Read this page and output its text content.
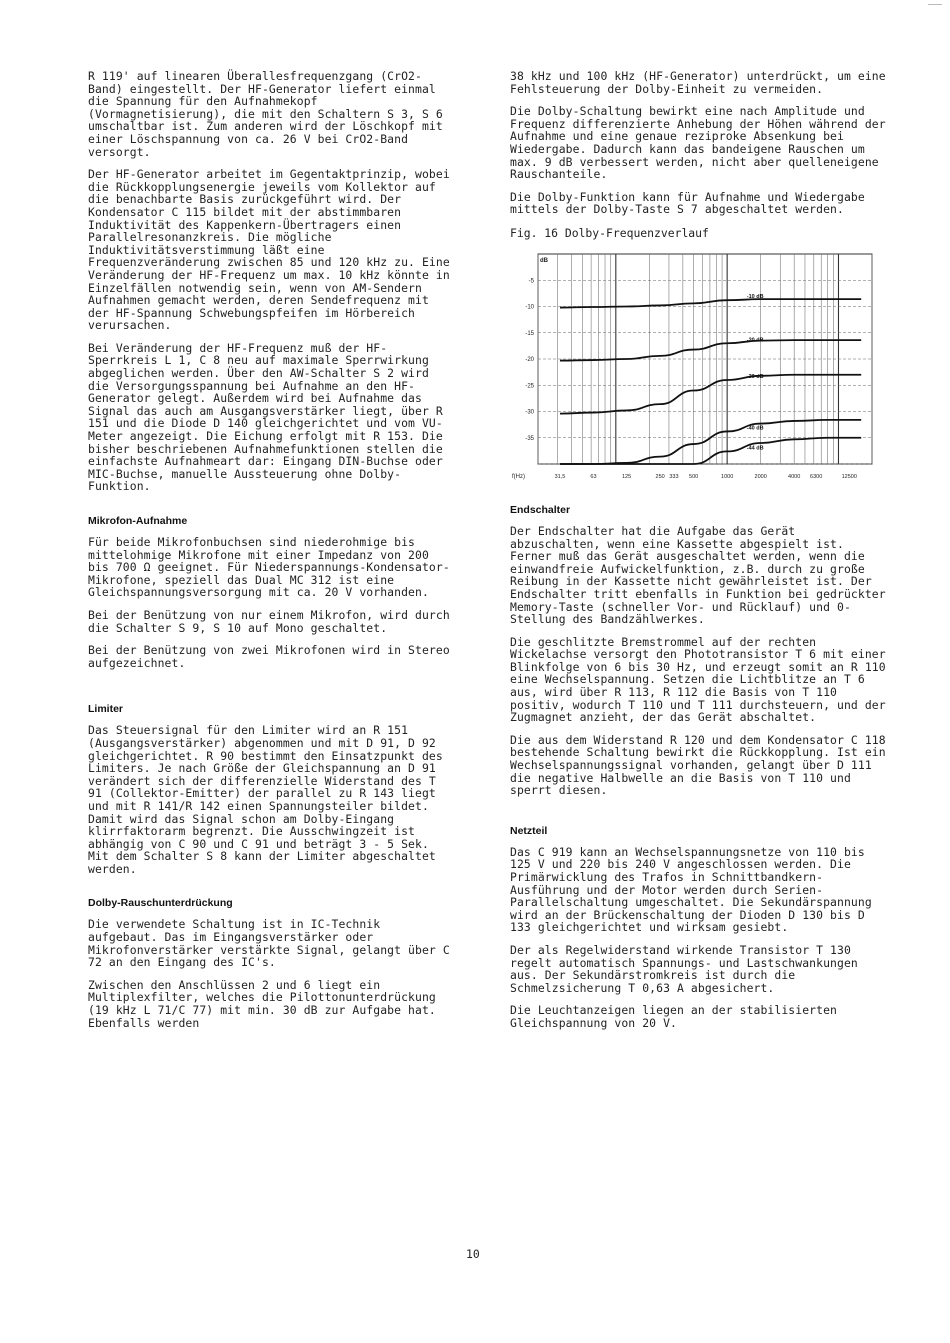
R 119' auf linearen Überallesfrequenzgang (CrO2-Band) eingestellt. Der HF-Generator liefert einmal die Spannung für den Aufnahmekopf (Vormagnetisierung), die mit den Schaltern S 3, S 6 umschaltbar ist. Zum anderen wird der Löschkopf mit einer Löschspannung von ca. 26 V bei CrO2-Band versorgt.

Der HF-Generator arbeitet im Gegentaktprinzip, wobei die Rückkopplungsenergie jeweils vom Kollektor auf die benachbarte Basis zurückgeführt wird. Der Kondensator C 115 bildet mit der abstimmbaren Induktivität des Kappenkern-Übertragers einen Parallelresonanzkreis. Die mögliche Induktivitätsverstimmung läßt eine Frequenzveränderung zwischen 85 und 120 kHz zu. Eine Veränderung der HF-Frequenz um max. 10 kHz könnte in Einzelfällen notwendig sein, wenn von AM-Sendern Aufnahmen gemacht werden, deren Sendefrequenz mit der HF-Spannung Schwebungspfeifen im Hörbereich verursachen.

Bei Veränderung der HF-Frequenz muß der HF-Sperrkreis L 1, C 8 neu auf maximale Sperrwirkung abgeglichen werden. Über den AW-Schalter S 2 wird die Versorgungsspannung bei Aufnahme an den HF-Generator gelegt. Außerdem wird bei Aufnahme das Signal das auch am Ausgangsverstärker liegt, über R 151 und die Diode D 140 gleichgerichtet und vom VU-Meter angezeigt. Die Eichung erfolgt mit R 153. Die bisher beschriebenen Aufnahmefunktionen stellen die einfachste Aufnahmeart dar: Eingang DIN-Buchse oder MIC-Buchse, manuelle Aussteuerung ohne Dolby-Funktion.

Mikrofon-Aufnahme

Für beide Mikrofonbuchsen sind niederohmige bis mittelohmige Mikrofone mit einer Impedanz von 200 bis 700 Ω geeignet. Für Niederspannungs-Kondensator-Mikrofone, speziell das Dual MC 312 ist eine Gleichspannungsversorgung mit ca. 20 V vorhanden.

Bei der Benützung von nur einem Mikrofon, wird durch die Schalter S 9, S 10 auf Mono geschaltet.

Bei der Benützung von zwei Mikrofonen wird in Stereo aufgezeichnet.

Limiter

Das Steuersignal für den Limiter wird an R 151 (Ausgangsverstärker) abgenommen und mit D 91, D 92 gleichgerichtet. R 90 bestimmt den Einsatzpunkt des Limiters. Je nach Größe der Gleichspannung an D 91 verändert sich der differenzielle Widerstand des T 91 (Collektor-Emitter) der parallel zu R 143 liegt und mit R 141/R 142 einen Spannungsteiler bildet. Damit wird das Signal schon am Dolby-Eingang klirrfaktorarm begrenzt. Die Ausschwingzeit ist abhängig von C 90 und C 91 und beträgt 3 - 5 Sek. Mit dem Schalter S 8 kann der Limiter abgeschaltet werden.

Dolby-Rauschunterdrückung

Die verwendete Schaltung ist in IC-Technik aufgebaut. Das im Eingangsverstärker oder Mikrofonverstärker verstärkte Signal, gelangt über C 72 an den Eingang des IC's.

Zwischen den Anschlüssen 2 und 6 liegt ein Multiplexfilter, welches die Pilottonunterdrückung (19 kHz L 71/C 77) mit min. 30 dB zur Aufgabe hat. Ebenfalls werden

38 kHz und 100 kHz (HF-Generator) unterdrückt, um eine Fehlsteuerung der Dolby-Einheit zu vermeiden.

Die Dolby-Schaltung bewirkt eine nach Amplitude und Frequenz differenzierte Anhebung der Höhen während der Aufnahme und eine genaue reziproke Absenkung bei Wiedergabe. Dadurch kann das bandeigene Rauschen um max. 9 dB verbessert werden, nicht aber quelleneigene Rauschanteile.

Die Dolby-Funktion kann für Aufnahme und Wiedergabe mittels der Dolby-Taste S 7 abgeschaltet werden.

Fig. 16 Dolby-Frequenzverlauf
-5
-10
-15
-20
-25
-30
-35
dB
f(Hz)	31,5	63	125	250 333 500	1000	2000	4000 6300	12500
-10 dB
-20 dB
-30 dB
-40 dB
-44 dB
Endschalter

Der Endschalter hat die Aufgabe das Gerät abzuschalten, wenn eine Kassette abgespielt ist. Ferner muß das Gerät ausgeschaltet werden, wenn die einwandfreie Aufwickelfunktion, z.B. durch zu große Reibung in der Kassette nicht gewährleistet ist. Der Endschalter tritt ebenfalls in Funktion bei gedrückter Memory-Taste (schneller Vor- und Rücklauf) und 0-Stellung des Bandzählwerkes.

Die geschlitzte Bremstrommel auf der rechten Wickelachse versorgt den Phototransistor T 6 mit einer Blinkfolge von 6 bis 30 Hz, und erzeugt somit an R 110 eine Wechselspannung. Setzen die Lichtblitze an T 6 aus, wird über R 113, R 112 die Basis von T 110 positiv, wodurch T 110 und T 111 durchsteuern, und der Zugmagnet anzieht, der das Gerät abschaltet.

Die aus dem Widerstand R 120 und dem Kondensator C 118 bestehende Schaltung bewirkt die Rückkopplung. Ist ein Wechselspannungssignal vorhanden, gelangt über D 111 die negative Halbwelle an die Basis von T 110 und sperrt diesen.

Netzteil

Das C 919 kann an Wechselspannungsnetze von 110 bis 125 V und 220 bis 240 V angeschlossen werden. Die Primärwicklung des Trafos in Schnittbandkern-Ausführung und der Motor werden durch Serien-Parallelschaltung umgeschaltet. Die Sekundärspannung wird an der Brückenschaltung der Dioden D 130 bis D 133 gleichgerichtet und wirksam gesiebt.

Der als Regelwiderstand wirkende Transistor T 130 regelt automatisch Spannungs- und Lastschwankungen aus. Der Sekundärstromkreis ist durch die Schmelzsicherung T 0,63 A abgesichert.

Die Leuchtanzeigen liegen an der stabilisierten Gleichspannung von 20 V.

10
